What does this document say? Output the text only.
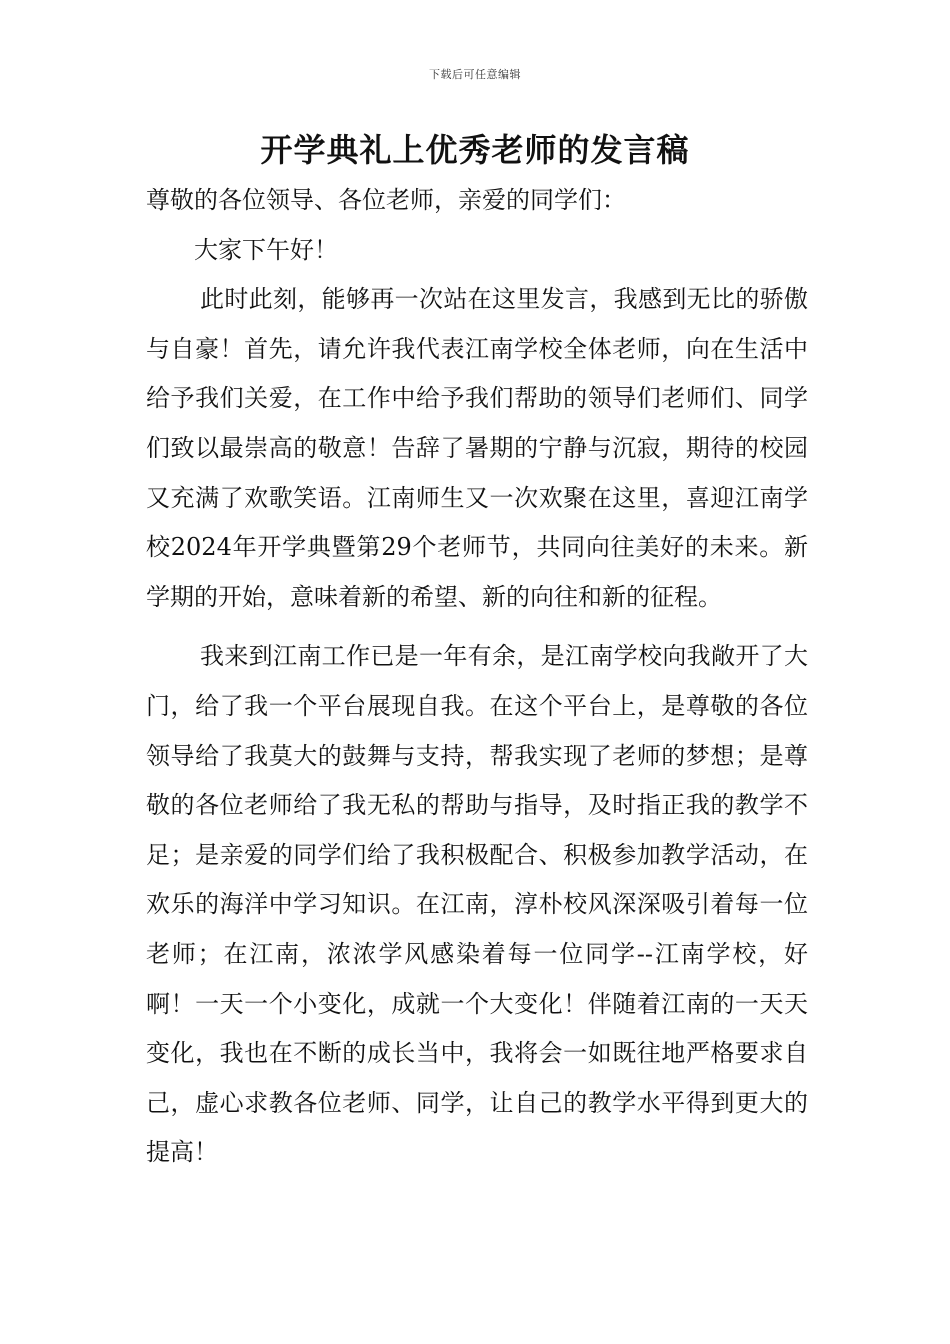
下载后可任意编辑
开学典礼上优秀老师的发言稿

尊敬的各位领导、各位老师，亲爱的同学们：

大家下午好！

此时此刻，能够再一次站在这里发言，我感到无比的骄傲与自豪！首先，请允许我代表江南学校全体老师，向在生活中给予我们关爱，在工作中给予我们帮助的领导们老师们、同学们致以最崇高的敬意！告辞了暑期的宁静与沉寂，期待的校园又充满了欢歌笑语。江南师生又一次欢聚在这里，喜迎江南学校2024年开学典暨第29个老师节，共同向往美好的未来。新学期的开始，意味着新的希望、新的向往和新的征程。

我来到江南工作已是一年有余，是江南学校向我敞开了大门，给了我一个平台展现自我。在这个平台上，是尊敬的各位领导给了我莫大的鼓舞与支持，帮我实现了老师的梦想；是尊敬的各位老师给了我无私的帮助与指导，及时指正我的教学不足；是亲爱的同学们给了我积极配合、积极参加教学活动，在欢乐的海洋中学习知识。在江南，淳朴校风深深吸引着每一位老师；在江南，浓浓学风感染着每一位同学--江南学校，好啊！一天一个小变化，成就一个大变化！伴随着江南的一天天变化，我也在不断的成长当中，我将会一如既往地严格要求自己，虚心求教各位老师、同学，让自己的教学水平得到更大的提高！
